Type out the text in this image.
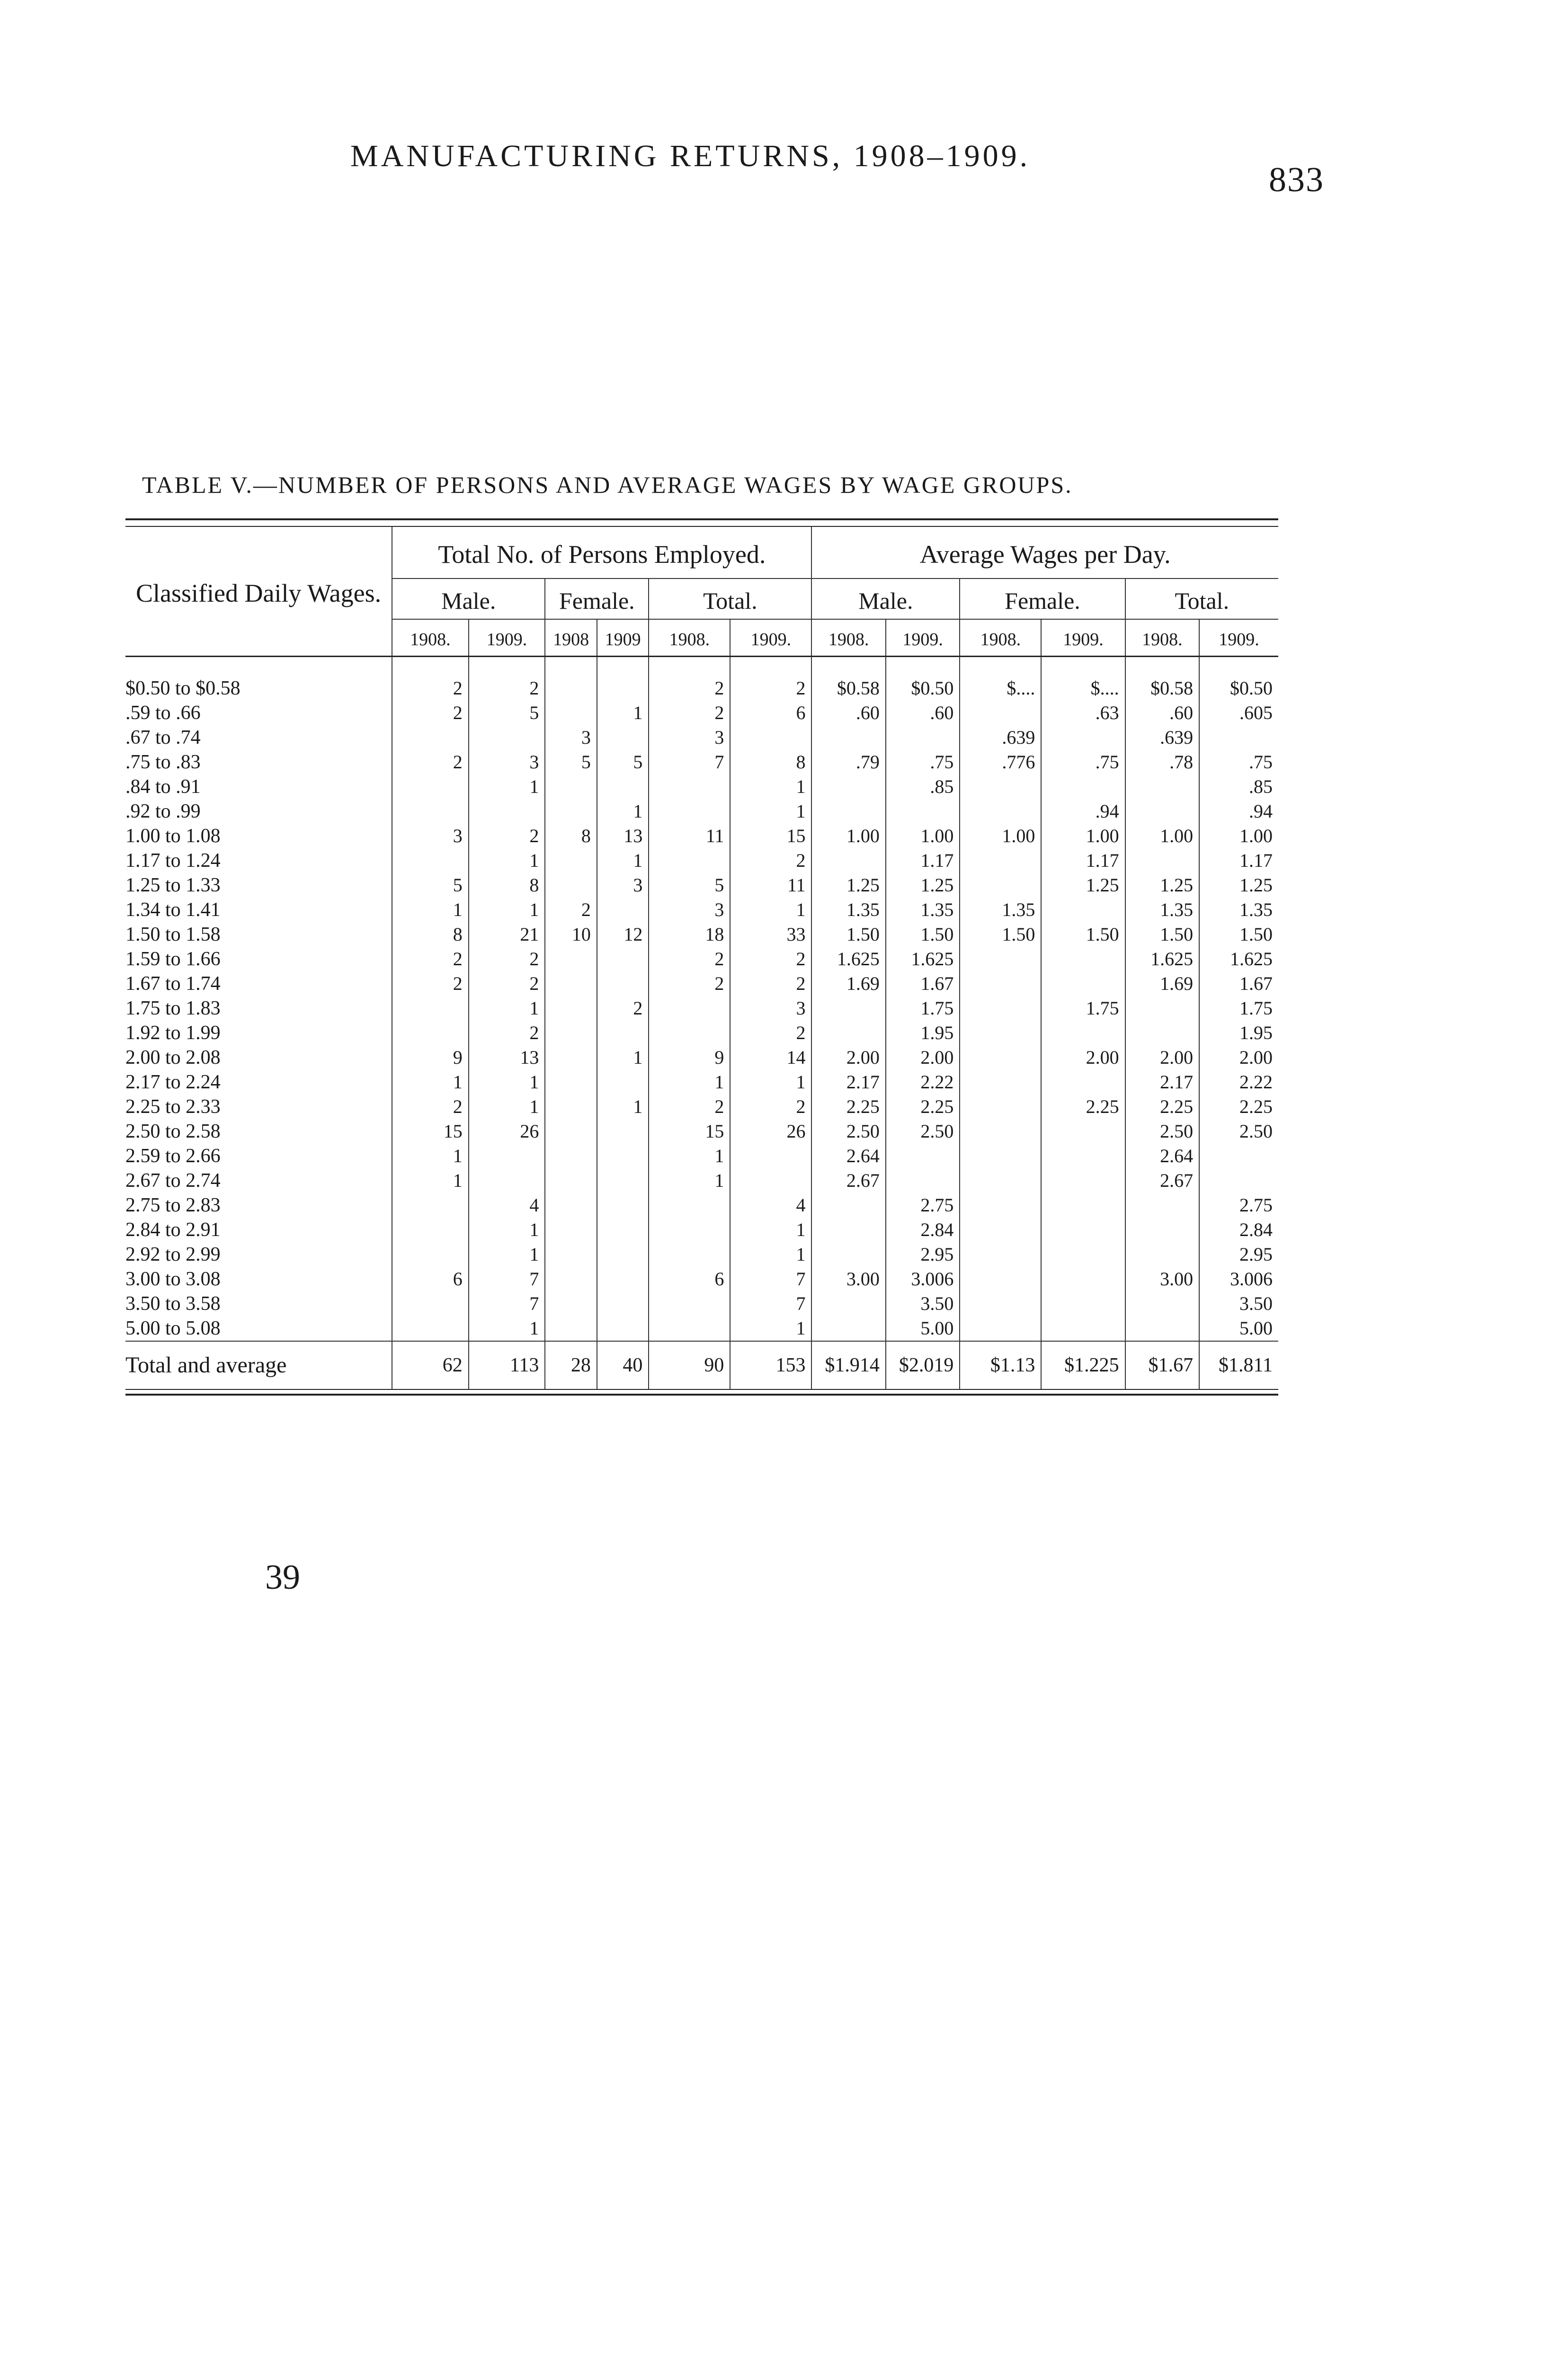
MANUFACTURING RETURNS, 1908–1909.
833
TABLE V.—NUMBER OF PERSONS AND AVERAGE WAGES BY WAGE GROUPS.
Classified Daily Wages.	Total No. of Persons Employed.						Average Wages per Day.					
	Male.		Female.		Total.		Male.		Female.		Total.	
	1908.	1909.	1908	1909	1908.	1909.	1908.	1909.	1908.	1909.	1908.	1909.
$0.50 to $0.58	2	2			2	2	$0.58	$0.50	$....	$....	$0.58	$0.50
.59 to .66	2	5		1	2	6	.60	.60		.63	.60	.605
.67 to .74			3		3				.639		.639	
.75 to .83	2	3	5	5	7	8	.79	.75	.776	.75	.78	.75
.84 to .91		1				1		.85				.85
.92 to .99				1		1				.94		.94
1.00 to 1.08	3	2	8	13	11	15	1.00	1.00	1.00	1.00	1.00	1.00
1.17 to 1.24		1		1		2		1.17		1.17		1.17
1.25 to 1.33	5	8		3	5	11	1.25	1.25		1.25	1.25	1.25
1.34 to 1.41	1	1	2		3	1	1.35	1.35	1.35		1.35	1.35
1.50 to 1.58	8	21	10	12	18	33	1.50	1.50	1.50	1.50	1.50	1.50
1.59 to 1.66	2	2			2	2	1.625	1.625			1.625	1.625
1.67 to 1.74	2	2			2	2	1.69	1.67			1.69	1.67
1.75 to 1.83		1		2		3		1.75		1.75		1.75
1.92 to 1.99		2				2		1.95				1.95
2.00 to 2.08	9	13		1	9	14	2.00	2.00		2.00	2.00	2.00
2.17 to 2.24	1	1			1	1	2.17	2.22			2.17	2.22
2.25 to 2.33	2	1		1	2	2	2.25	2.25		2.25	2.25	2.25
2.50 to 2.58	15	26			15	26	2.50	2.50			2.50	2.50
2.59 to 2.66	1				1		2.64				2.64	
2.67 to 2.74	1				1		2.67				2.67	
2.75 to 2.83		4				4		2.75				2.75
2.84 to 2.91		1				1		2.84				2.84
2.92 to 2.99		1				1		2.95				2.95
3.00 to 3.08	6	7			6	7	3.00	3.006			3.00	3.006
3.50 to 3.58		7				7		3.50				3.50
5.00 to 5.08		1				1		5.00				5.00
Total and average	62	113	28	40	90	153	$1.914	$2.019	$1.13	$1.225	$1.67	$1.811
39
